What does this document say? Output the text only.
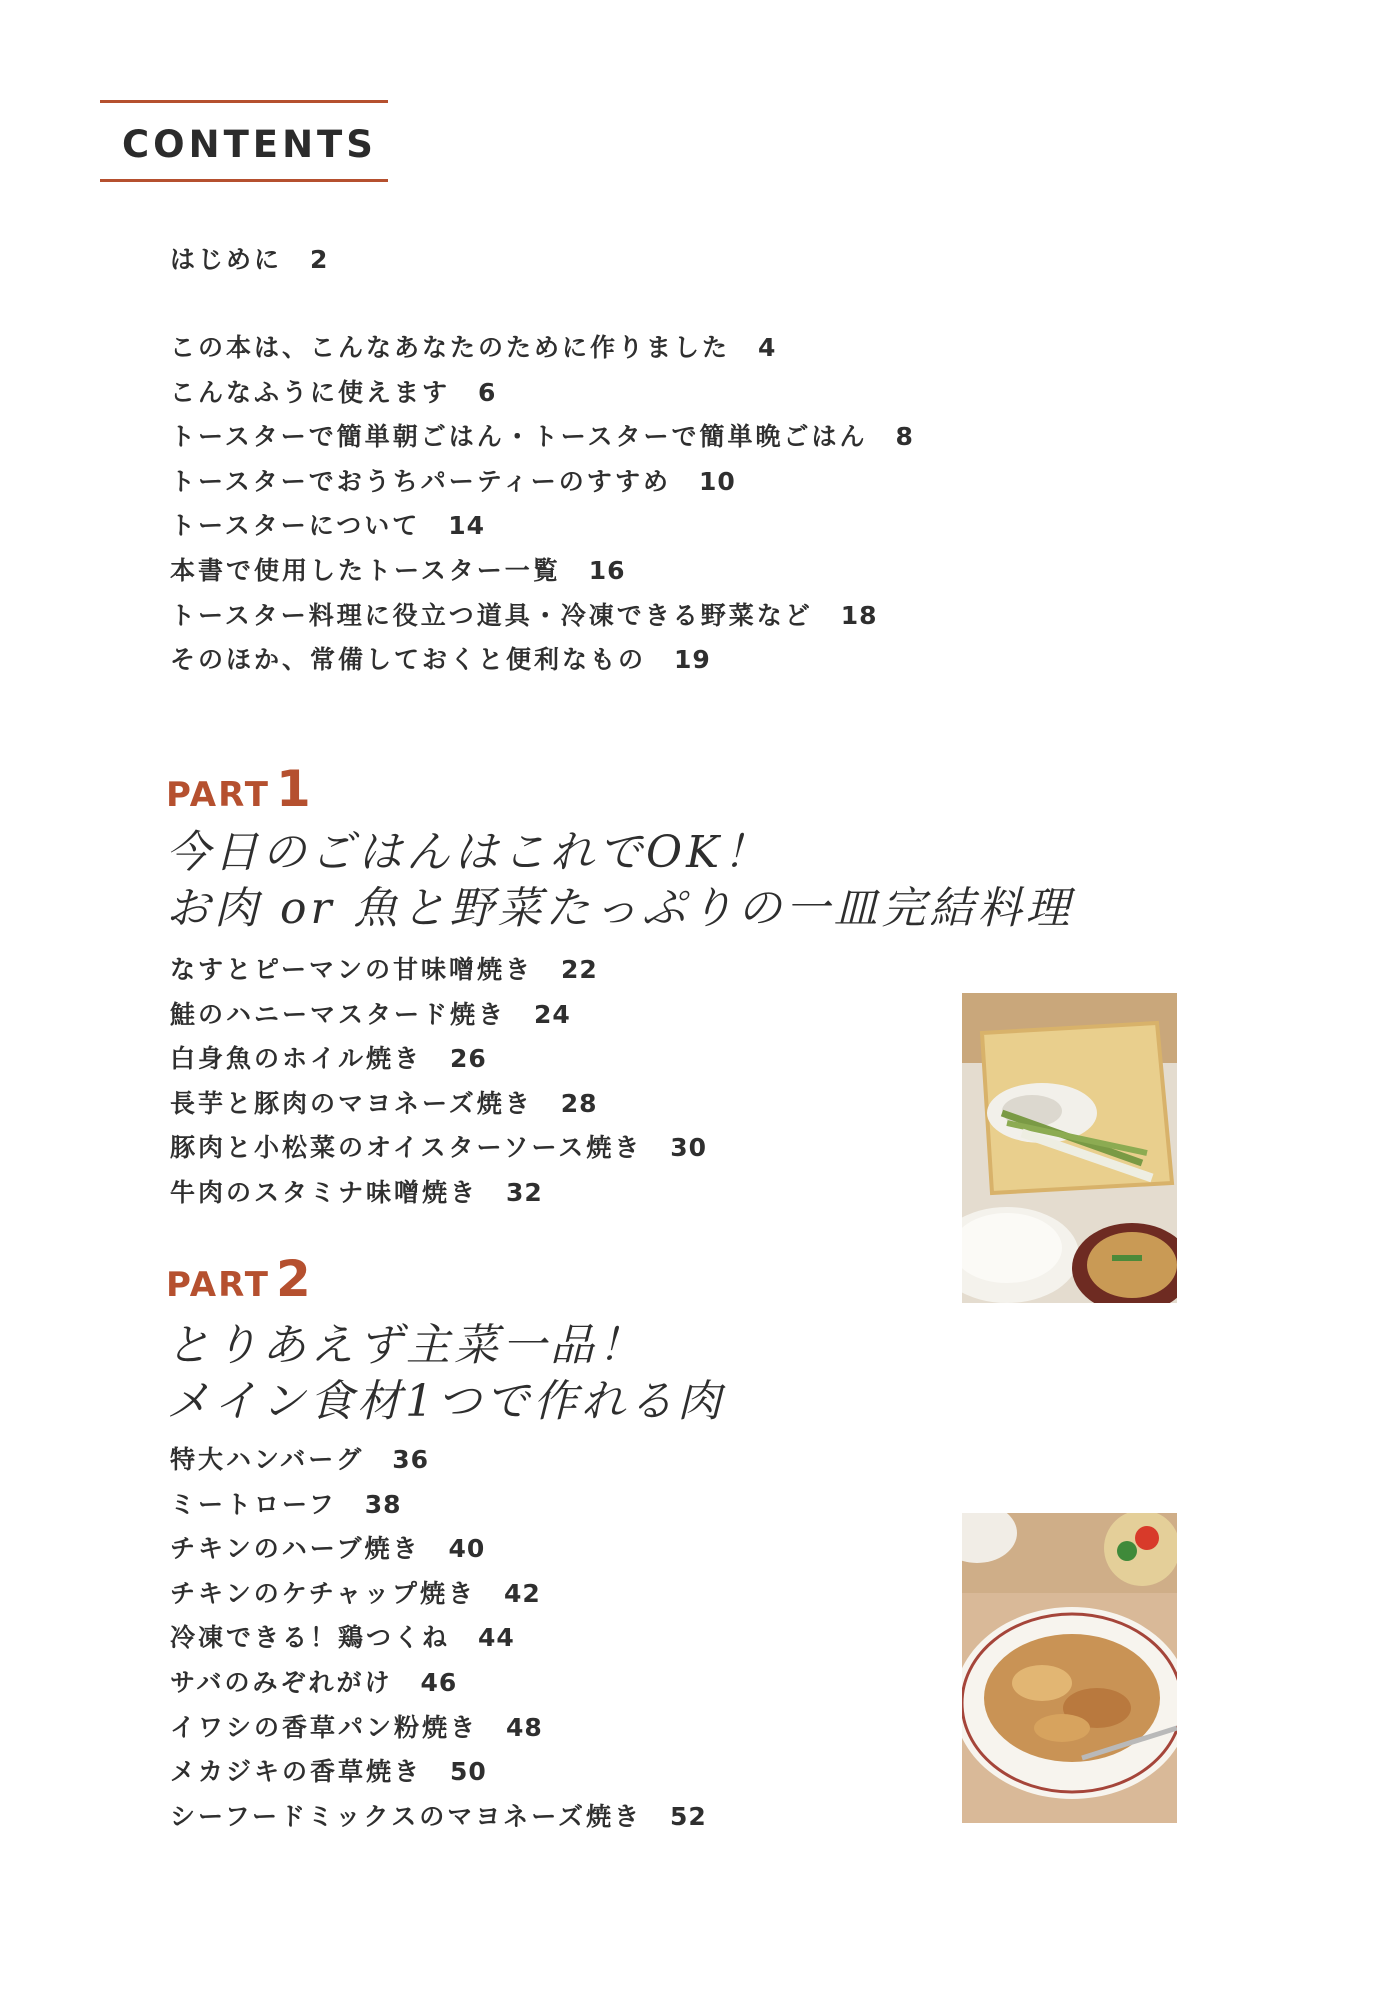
CONTENTS
はじめに 2
この本は、こんなあなたのために作りました 4
こんなふうに使えます 6
トースターで簡単朝ごはん・トースターで簡単晩ごはん 8
トースターでおうちパーティーのすすめ 10
トースターについて 14
本書で使用したトースター一覧 16
トースター料理に役立つ道具・冷凍できる野菜など 18
そのほか、常備しておくと便利なもの 19
PART 1
今日のごはんはこれでOK！
お肉 or 魚と野菜たっぷりの一皿完結料理
なすとピーマンの甘味噌焼き 22
鮭のハニーマスタード焼き 24
白身魚のホイル焼き 26
長芋と豚肉のマヨネーズ焼き 28
豚肉と小松菜のオイスターソース焼き 30
牛肉のスタミナ味噌焼き 32
PART 2
とりあえず主菜一品！
メイン食材1つで作れる肉
特大ハンバーグ 36
ミートローフ 38
チキンのハーブ焼き 40
チキンのケチャップ焼き 42
冷凍できる！鶏つくね 44
サバのみぞれがけ 46
イワシの香草パン粉焼き 48
メカジキの香草焼き 50
シーフードミックスのマヨネーズ焼き 52
